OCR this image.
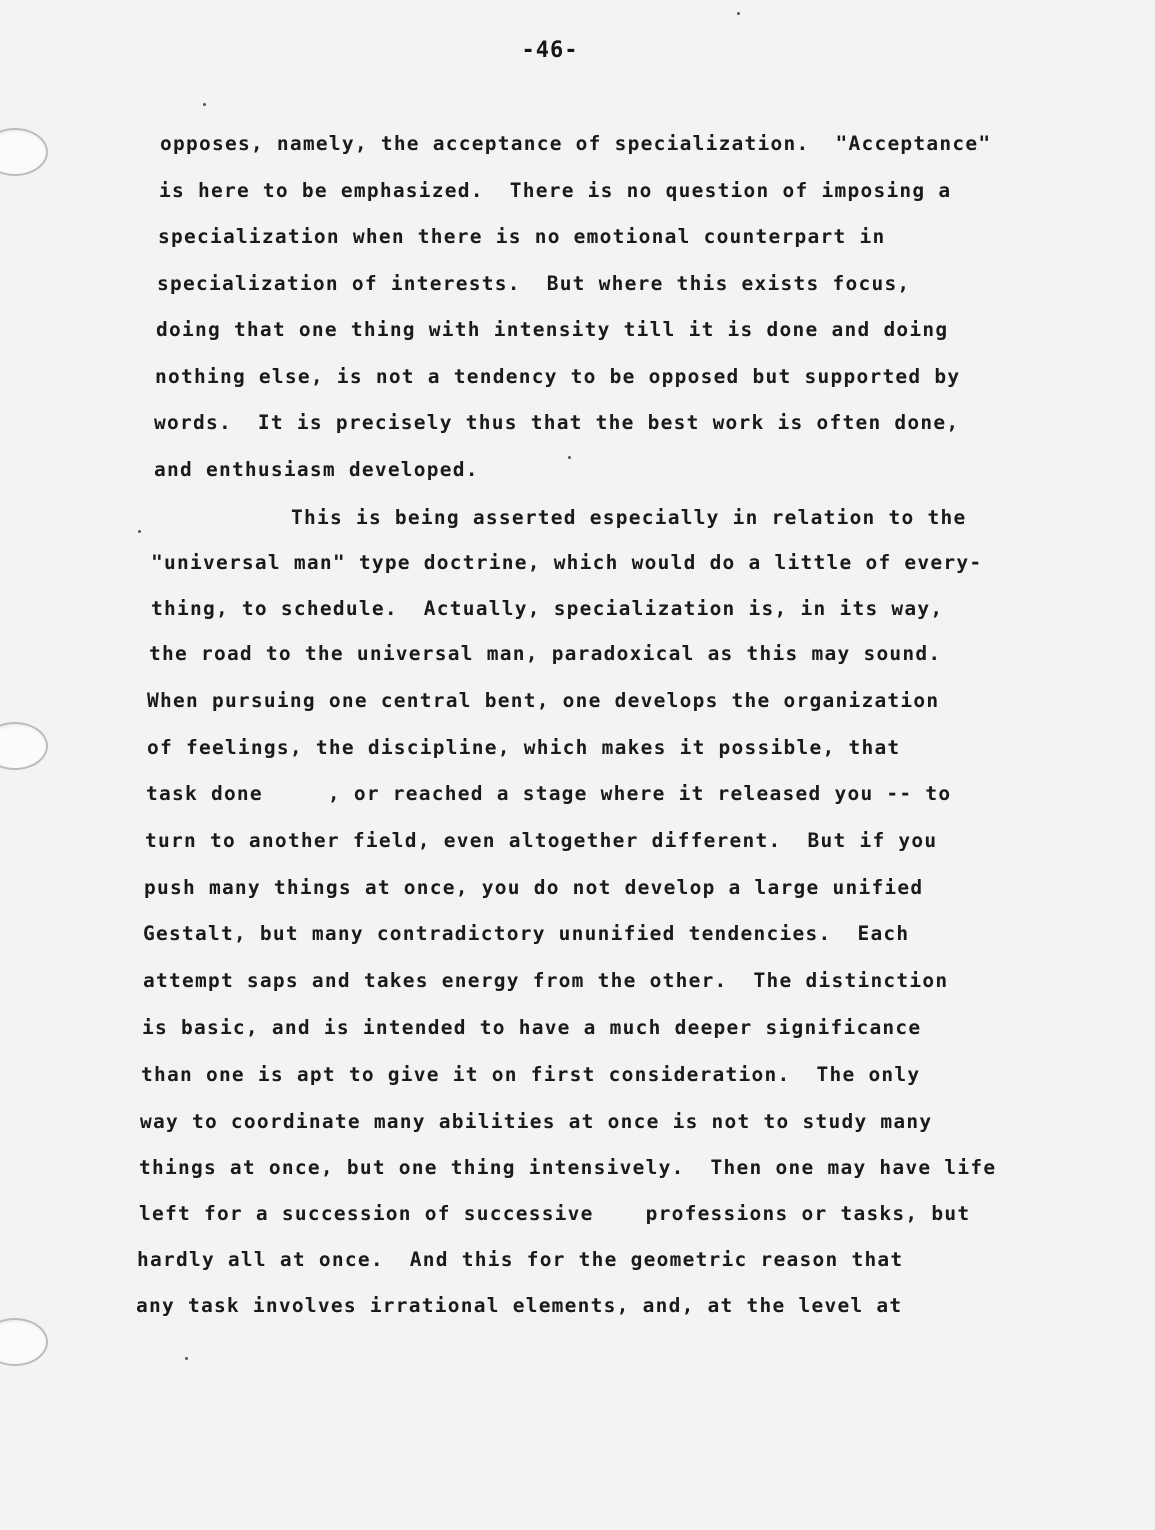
-46-
opposes, namely, the acceptance of specialization.  "Acceptance"
is here to be emphasized.  There is no question of imposing a
specialization when there is no emotional counterpart in
specialization of interests.  But where this exists focus,
doing that one thing with intensity till it is done and doing
nothing else, is not a tendency to be opposed but supported by
words.  It is precisely thus that the best work is often done,
and enthusiasm developed.
This is being asserted especially in relation to the
"universal man" type doctrine, which would do a little of every-
thing, to schedule.  Actually, specialization is, in its way,
the road to the universal man, paradoxical as this may sound.
When pursuing one central bent, one develops the organization
of feelings, the discipline, which makes it possible, that
task done     , or reached a stage where it released you -- to
turn to another field, even altogether different.  But if you
push many things at once, you do not develop a large unified
Gestalt, but many contradictory ununified tendencies.  Each
attempt saps and takes energy from the other.  The distinction
is basic, and is intended to have a much deeper significance
than one is apt to give it on first consideration.  The only
way to coordinate many abilities at once is not to study many
things at once, but one thing intensively.  Then one may have life
left for a succession of successive    professions or tasks, but
hardly all at once.  And this for the geometric reason that
any task involves irrational elements, and, at the level at
